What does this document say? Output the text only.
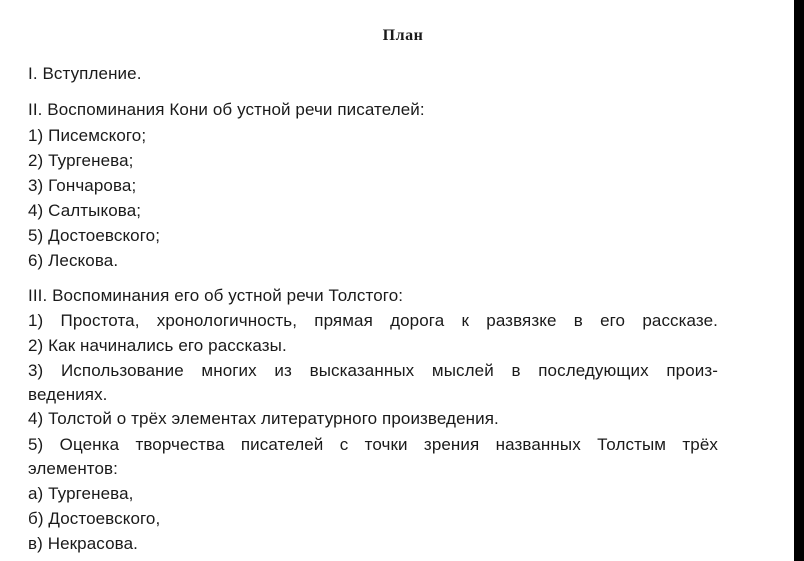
План
I. Вступление.
II. Воспоминания Кони об устной речи писателей:
1) Писемского;
2) Тургенева;
3) Гончарова;
4) Салтыкова;
5) Достоевского;
6) Лескова.
III. Воспоминания его об устной речи Толстого:
1) Простота, хронологичность, прямая дорога к развязке в его рассказе.
2) Как начинались его рассказы.
3) Использование многих из высказанных мыслей в последующих произ-
ведениях.
4) Толстой о трёх элементах литературного произведения.
5) Оценка творчества писателей с точки зрения названных Толстым трёх
элементов:
а) Тургенева,
б) Достоевского,
в) Некрасова.
